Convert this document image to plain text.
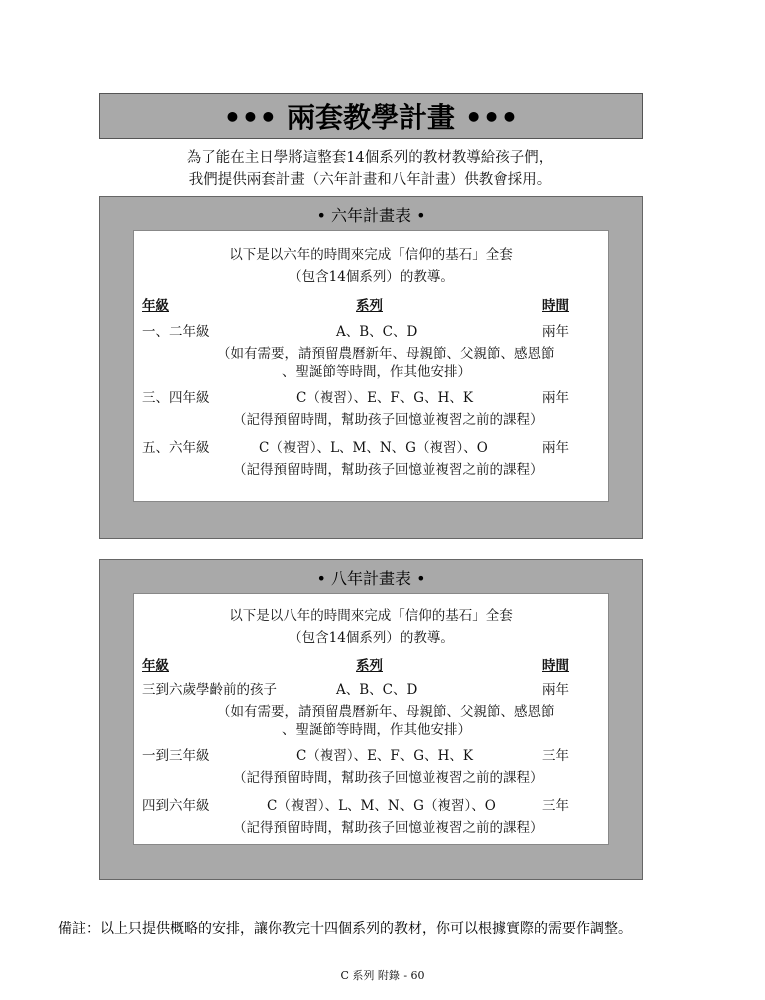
••• 兩套教學計畫 •••
為了能在主日學將這整套14個系列的教材教導給孩子們，
我們提供兩套計畫（六年計畫和八年計畫）供教會採用。
• 六年計畫表 •
以下是以六年的時間來完成「信仰的基石」全套
（包含14個系列）的教導。
年級	系列	時間
一、二年級	A、B、C、D	兩年
（如有需要，請預留農曆新年、母親節、父親節、感恩節
、聖誕節等時間，作其他安排）
三、四年級	C（複習）、E、F、G、H、K	兩年
（記得預留時間，幫助孩子回憶並複習之前的課程）
五、六年級	C（複習）、L、M、N、G（複習）、O	兩年
（記得預留時間，幫助孩子回憶並複習之前的課程）
• 八年計畫表 •
以下是以八年的時間來完成「信仰的基石」全套
（包含14個系列）的教導。
年級	系列	時間
三到六歲學齡前的孩子	A、B、C、D	兩年
（如有需要，請預留農曆新年、母親節、父親節、感恩節
、聖誕節等時間，作其他安排）
一到三年級	C（複習）、E、F、G、H、K	三年
（記得預留時間，幫助孩子回憶並複習之前的課程）
四到六年級	C（複習）、L、M、N、G（複習）、O	三年
（記得預留時間，幫助孩子回憶並複習之前的課程）
備註：以上只提供概略的安排，讓你教完十四個系列的教材，你可以根據實際的需要作調整。
C 系列 附錄 - 60
